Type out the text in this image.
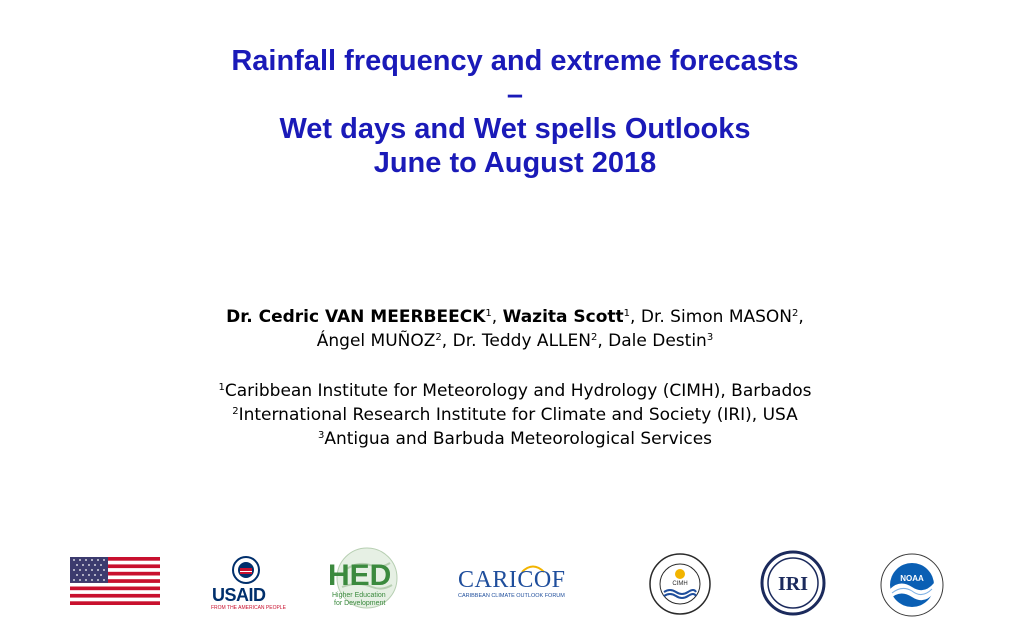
Rainfall frequency and extreme forecasts
–
Wet days and Wet spells Outlooks
June to August 2018
Dr. Cedric VAN MEERBEECK$^1$, Wazita Scott$^1$, Dr. Simon MASON$^2$,
Ángel MUÑOZ$^2$, Dr. Teddy ALLEN$^2$, Dale Destin$^3$
$^1$Caribbean Institute for Meteorology and Hydrology (CIMH), Barbados
$^2$International Research Institute for Climate and Society (IRI), USA
$^3$Antigua and Barbuda Meteorological Services
USAID
FROM THE AMERICAN PEOPLE
HED
Higher Education
for Development
CARICOF
CARIBBEAN CLIMATE OUTLOOK FORUM
CIMH	IRI	NOAA
